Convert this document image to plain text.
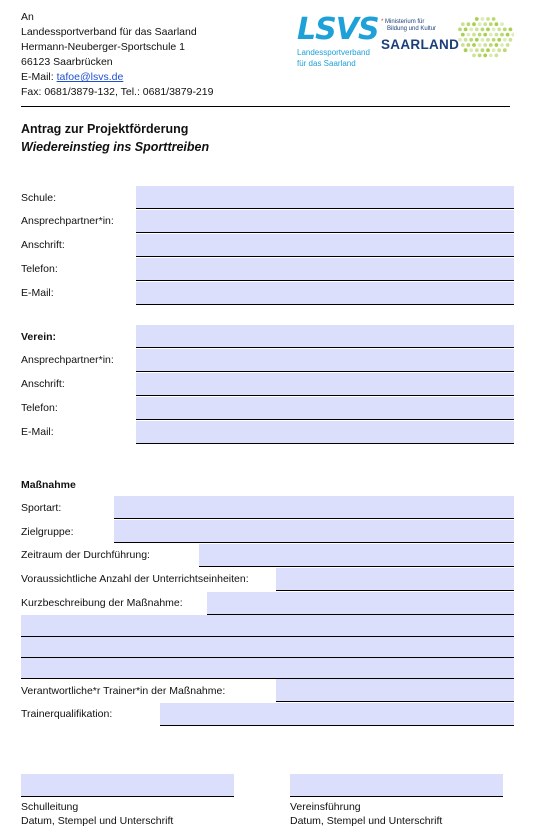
An
Landessportverband für das Saarland
Hermann-Neuberger-Sportschule 1
66123 Saarbrücken
E-Mail: tafoe@lsvs.de
Fax: 0681/3879-132, Tel.: 0681/3879-219
LSVS
Landessportverband
für das Saarland
* Ministerium für
Bildung und Kultur
SAARLAND
Antrag zur Projektförderung
Wiedereinstieg ins Sporttreiben
Schule:
Ansprechpartner*in:
Anschrift:
Telefon:
E-Mail:
Verein:
Ansprechpartner*in:
Anschrift:
Telefon:
E-Mail:
Maßnahme
Sportart:
Zielgruppe:
Zeitraum der Durchführung:
Voraussichtliche Anzahl der Unterrichtseinheiten:
Kurzbeschreibung der Maßnahme:
Verantwortliche*r Trainer*in der Maßnahme:
Trainerqualifikation:
Schulleitung
Datum, Stempel und Unterschrift
Vereinsführung
Datum, Stempel und Unterschrift
